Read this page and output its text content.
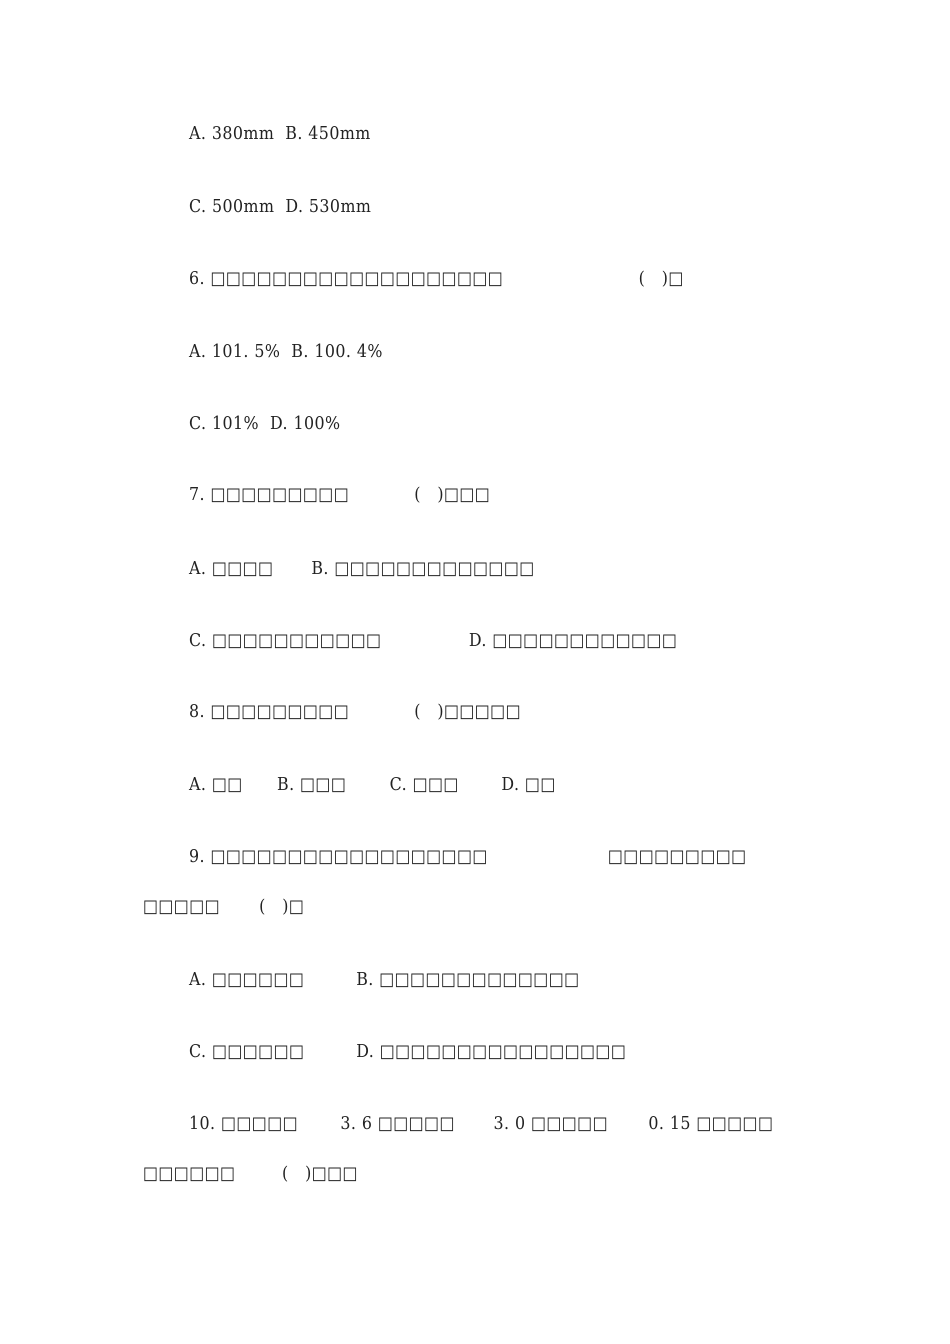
A. 380mm  B. 450mm

C. 500mm  D. 530mm

6. □□□□□□□□□□□□□□□□□□□

	(   )□

A. 101. 5%  B. 100. 4%

C. 101%  D. 100%

7. □□□□□□□□□

	(   )□□□

A. □□□□

B. □□□□□□□□□□□□□

C. □□□□□□□□□□□

	D. □□□□□□□□□□□□

8. □□□□□□□□□

	(   )□□□□□

A. □□

B. □□□

C. □□□

D. □□

9. □□□□□□□□□□□□□□□□□□

	□□□□□□□□□

□□□□□

(   )□

A. □□□□□□

	B. □□□□□□□□□□□□□

C. □□□□□□

	D. □□□□□□□□□□□□□□□□

10. □□□□□

3. 6 □□□□□

3. 0 □□□□□

0. 15 □□□□□

□□□□□□

	(   )□□□
